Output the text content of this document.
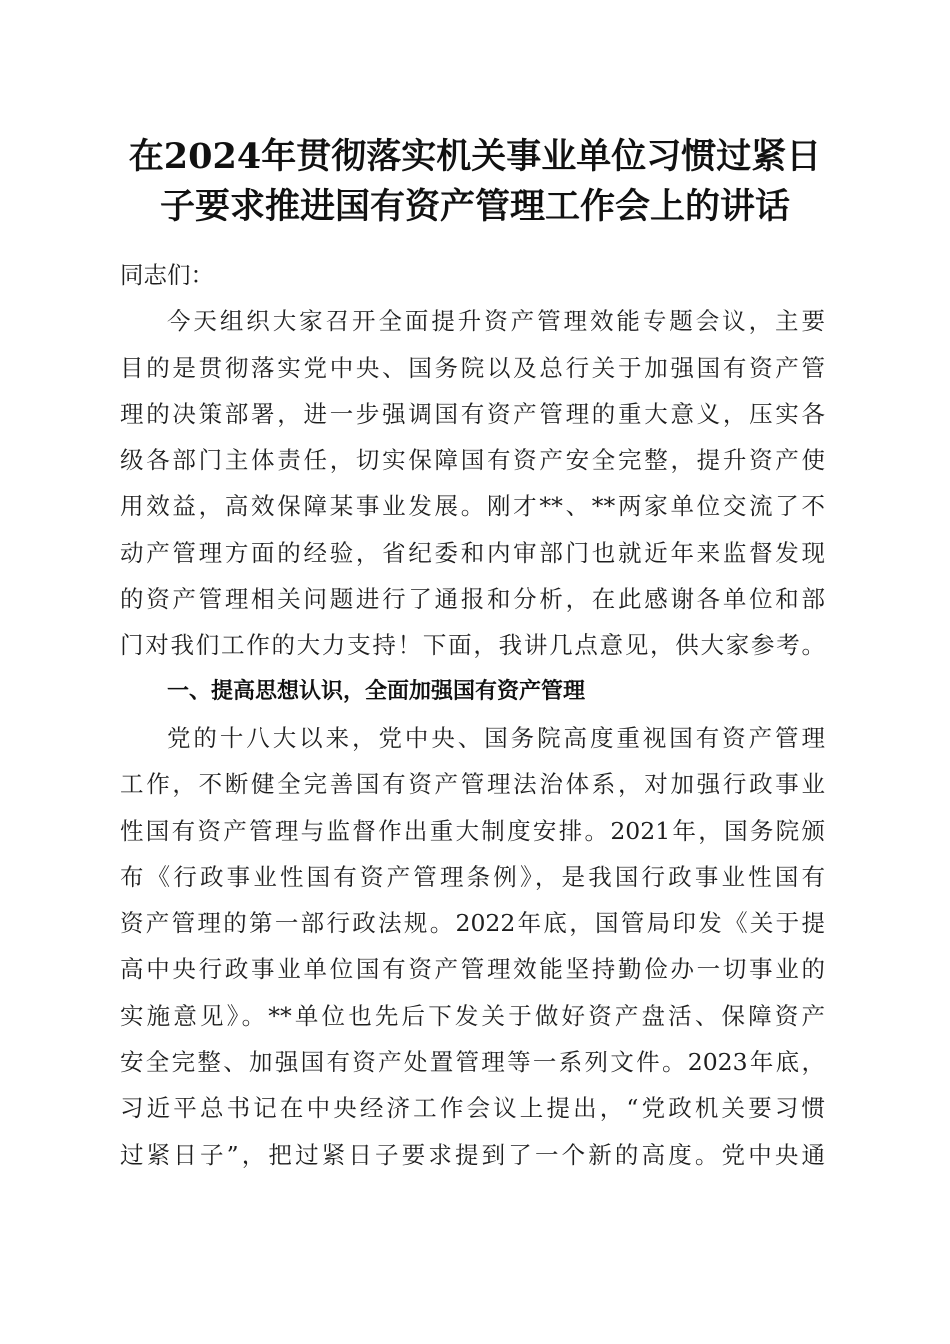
在2024年贯彻落实机关事业单位习惯过紧日
子要求推进国有资产管理工作会上的讲话
同志们：
今天组织大家召开全面提升资产管理效能专题会议，主要
目的是贯彻落实党中央、国务院以及总行关于加强国有资产管
理的决策部署，进一步强调国有资产管理的重大意义，压实各
级各部门主体责任，切实保障国有资产安全完整，提升资产使
用效益，高效保障某事业发展。刚才**、**两家单位交流了不
动产管理方面的经验，省纪委和内审部门也就近年来监督发现
的资产管理相关问题进行了通报和分析，在此感谢各单位和部
门对我们工作的大力支持！下面，我讲几点意见，供大家参考。
一、提高思想认识，全面加强国有资产管理
党的十八大以来，党中央、国务院高度重视国有资产管理
工作，不断健全完善国有资产管理法治体系，对加强行政事业
性国有资产管理与监督作出重大制度安排。2021年，国务院颁
布《行政事业性国有资产管理条例》，是我国行政事业性国有
资产管理的第一部行政法规。2022年底，国管局印发《关于提
高中央行政事业单位国有资产管理效能坚持勤俭办一切事业的
实施意见》。**单位也先后下发关于做好资产盘活、保障资产
安全完整、加强国有资产处置管理等一系列文件。2023年底，
习近平总书记在中央经济工作会议上提出，“党政机关要习惯
过紧日子”，把过紧日子要求提到了一个新的高度。党中央通
